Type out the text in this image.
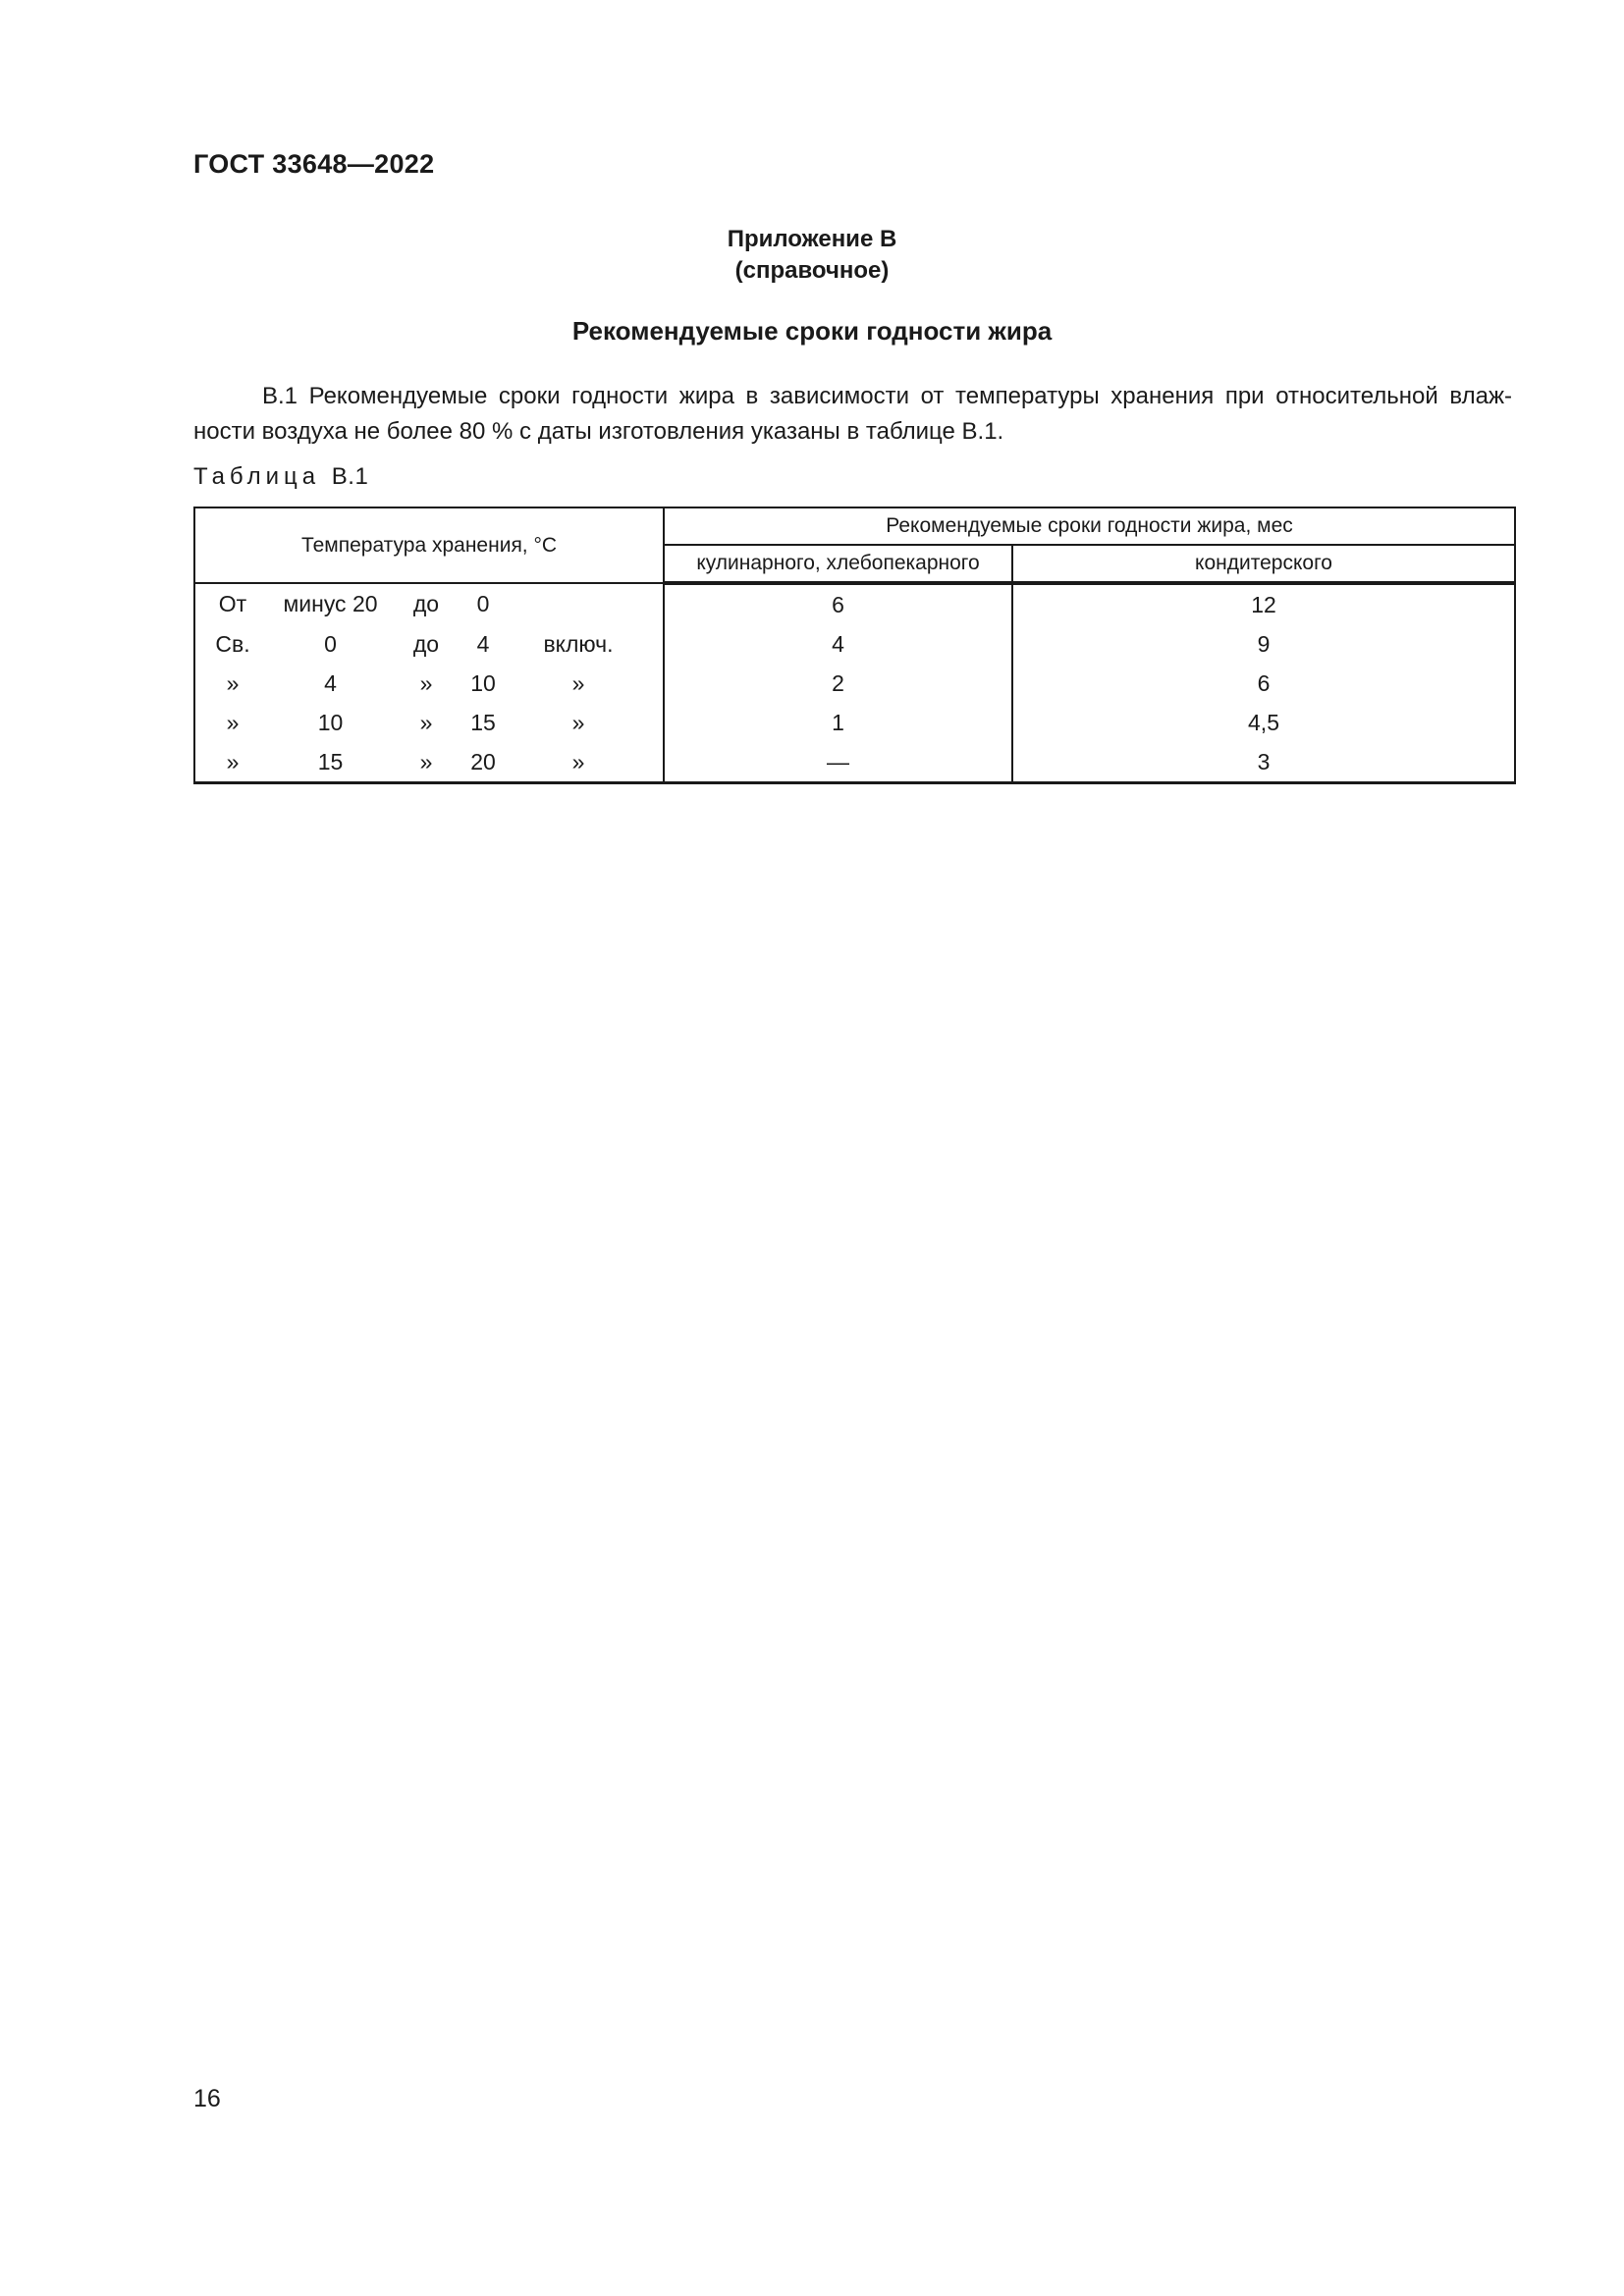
ГОСТ 33648—2022
Приложение В
(справочное)
Рекомендуемые сроки годности жира
В.1 Рекомендуемые сроки годности жира в зависимости от температуры хранения при относительной влаж-
ности воздуха не более 80 % с даты изготовления указаны в таблице В.1.
Таблица В.1
Температура хранения, °С	Рекомендуемые сроки годности жира, мес	
	кулинарного, хлебопекарного	кондитерского

От минус 20 до 0	6	12

Св. 0 до 4 включ.	4	9

» 4 » 10 »	2	6

» 10 » 15 »	1	4,5

» 15 » 20 »	—	3
16
